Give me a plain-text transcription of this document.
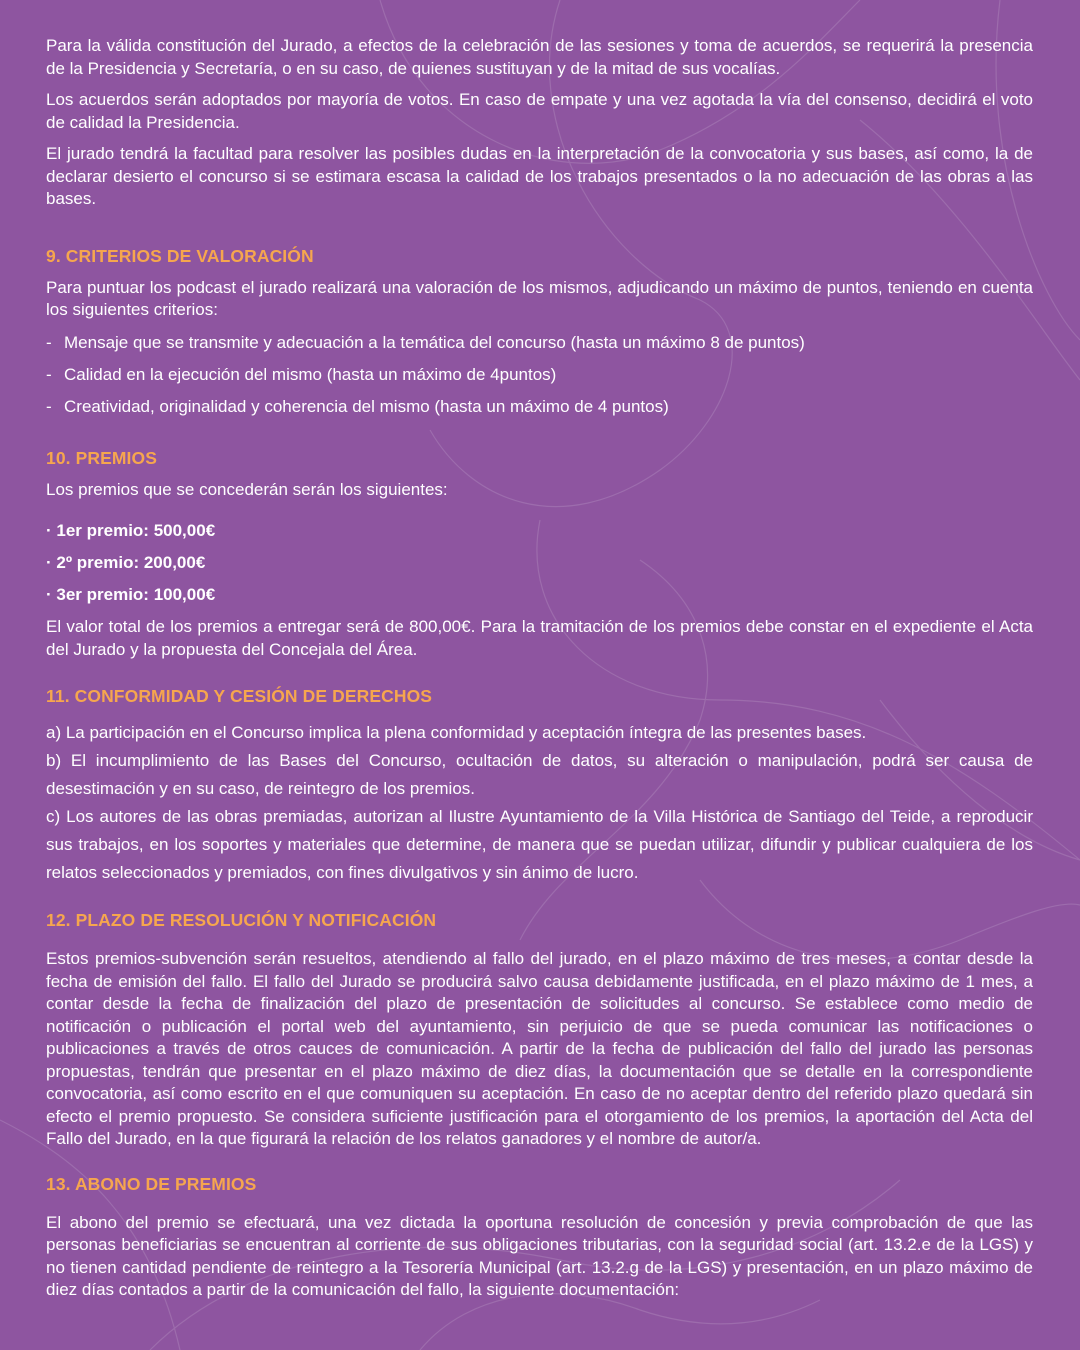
Para la válida constitución del Jurado, a efectos de la celebración de las sesiones y toma de acuerdos, se requerirá la presencia de la Presidencia y Secretaría, o en su caso, de quienes sustituyan y de la mitad de sus vocalías.

Los acuerdos serán adoptados por mayoría de votos. En caso de empate y una vez agotada la vía del consenso, decidirá el voto de calidad la Presidencia.

El jurado tendrá la facultad para resolver las posibles dudas en la interpretación de la convocatoria y sus bases, así como, la de declarar desierto el concurso si se estimara escasa la calidad de los trabajos presentados o la no adecuación de las obras a las bases.

9. CRITERIOS DE VALORACIÓN

Para puntuar los podcast el jurado realizará una valoración de los mismos, adjudicando un máximo de puntos, teniendo en cuenta los siguientes criterios:

- Mensaje que se transmite y adecuación a la temática del concurso (hasta un máximo 8 de puntos)
- Calidad en la ejecución del mismo (hasta un máximo de 4puntos)
- Creatividad, originalidad y coherencia del mismo (hasta un máximo de 4 puntos)
10. PREMIOS

Los premios que se concederán serán los siguientes:

· 1er premio: 500,00€
· 2º premio: 200,00€
· 3er premio: 100,00€

El valor total de los premios a entregar será de 800,00€. Para la tramitación de los premios debe constar en el expediente el Acta del Jurado y la propuesta del Concejala del Área.

11. CONFORMIDAD Y CESIÓN DE DERECHOS

a) La participación en el Concurso implica la plena conformidad y aceptación íntegra de las presentes bases.

b) El incumplimiento de las Bases del Concurso, ocultación de datos, su alteración o manipulación, podrá ser causa de desestimación y en su caso, de reintegro de los premios.

c) Los autores de las obras premiadas, autorizan al Ilustre Ayuntamiento de la Villa Histórica de Santiago del Teide, a reproducir sus trabajos, en los soportes y materiales que determine, de manera que se puedan utilizar, difundir y publicar cualquiera de los relatos seleccionados y premiados, con fines divulgativos y sin ánimo de lucro.

12. PLAZO DE RESOLUCIÓN Y NOTIFICACIÓN

Estos premios-subvención serán resueltos, atendiendo al fallo del jurado, en el plazo máximo de tres meses, a contar desde la fecha de emisión del fallo. El fallo del Jurado se producirá salvo causa debidamente justificada, en el plazo máximo de 1 mes, a contar desde la fecha de finalización del plazo de presentación de solicitudes al concurso. Se establece como medio de notificación o publicación el portal web del ayuntamiento, sin perjuicio de que se pueda comunicar las notificaciones o publicaciones a través de otros cauces de comunicación. A partir de la fecha de publicación del fallo del jurado las personas propuestas, tendrán que presentar en el plazo máximo de diez días, la documentación que se detalle en la correspondiente convocatoria, así como escrito en el que comuniquen su aceptación. En caso de no aceptar dentro del referido plazo quedará sin efecto el premio propuesto. Se considera suficiente justificación para el otorgamiento de los premios, la aportación del Acta del Fallo del Jurado, en la que figurará la relación de los relatos ganadores y el nombre de autor/a.

13. ABONO DE PREMIOS

El abono del premio se efectuará, una vez dictada la oportuna resolución de concesión y previa comprobación de que las personas beneficiarias se encuentran al corriente de sus obligaciones tributarias, con la seguridad social (art. 13.2.e de la LGS) y no tienen cantidad pendiente de reintegro a la Tesorería Municipal (art. 13.2.g de la LGS) y presentación, en un plazo máximo de diez días contados a partir de la comunicación del fallo, la siguiente documentación:
